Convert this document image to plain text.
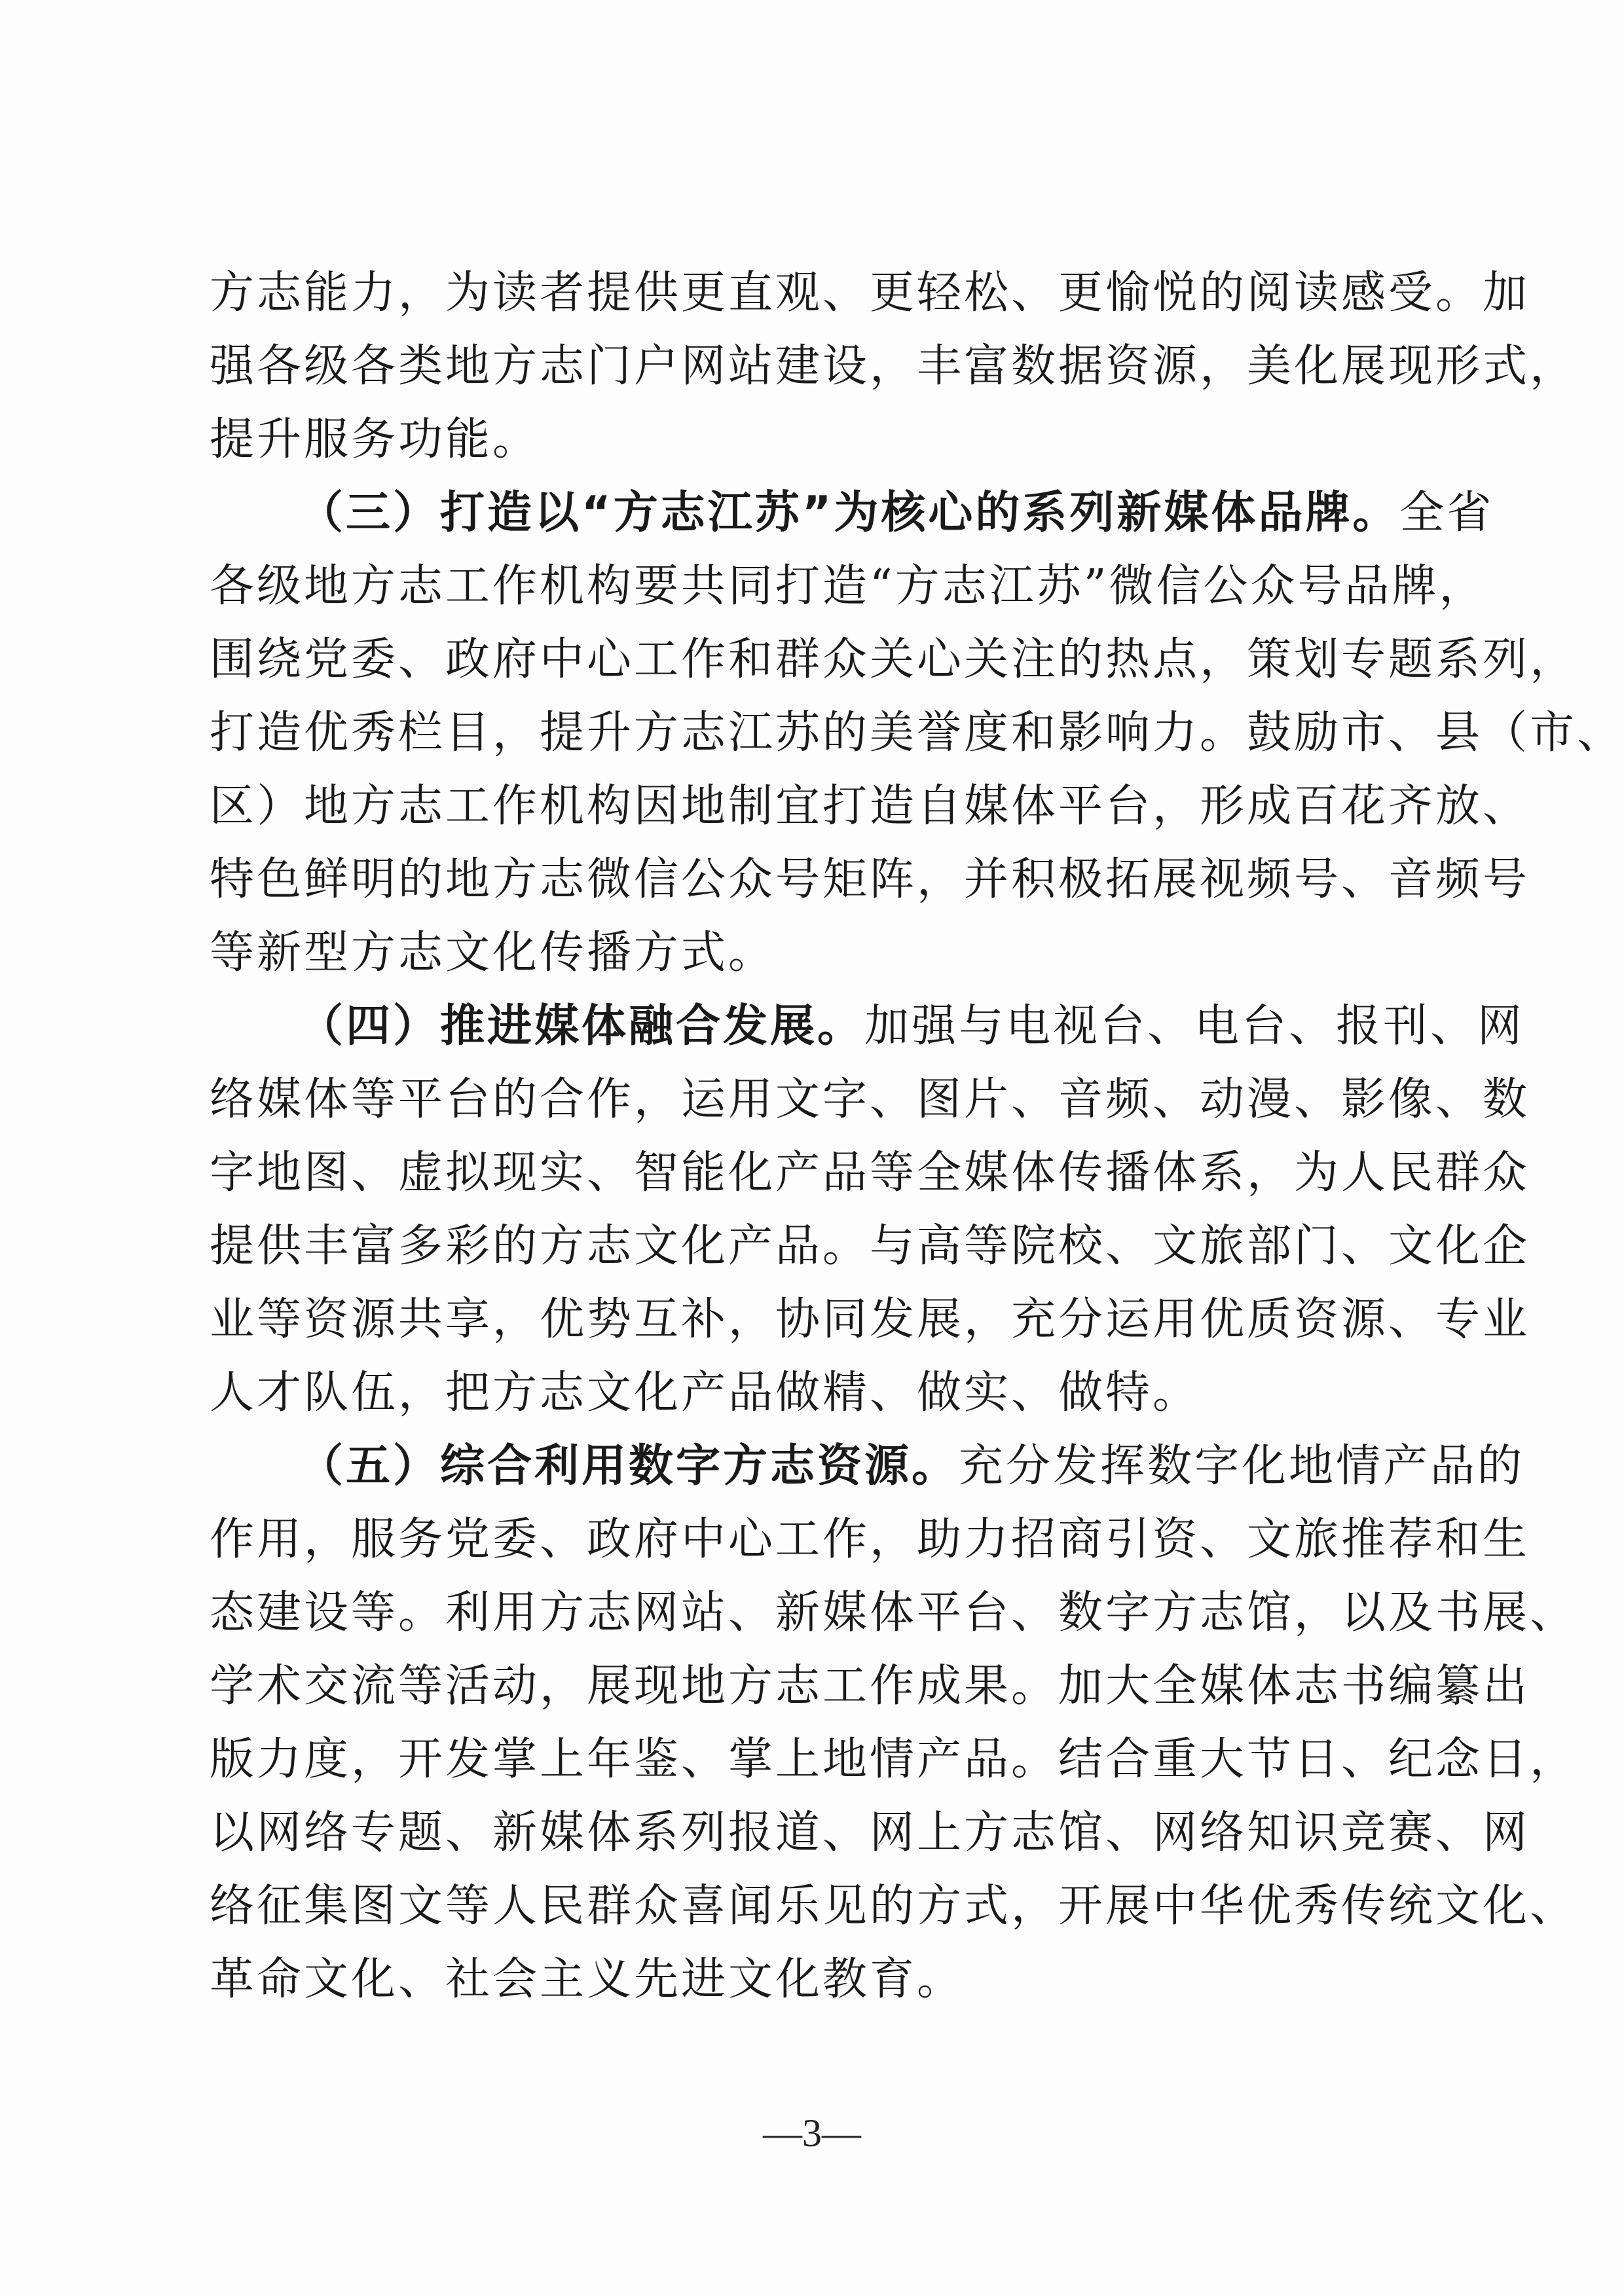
方志能力，为读者提供更直观、更轻松、更愉悦的阅读感受。加
强各级各类地方志门户网站建设，丰富数据资源，美化展现形式，
提升服务功能。
（三）打造以“方志江苏”为核心的系列新媒体品牌。全省
各级地方志工作机构要共同打造“方志江苏”微信公众号品牌，
围绕党委、政府中心工作和群众关心关注的热点，策划专题系列，
打造优秀栏目，提升方志江苏的美誉度和影响力。鼓励市、县（市、
区）地方志工作机构因地制宜打造自媒体平台，形成百花齐放、
特色鲜明的地方志微信公众号矩阵，并积极拓展视频号、音频号
等新型方志文化传播方式。
（四）推进媒体融合发展。加强与电视台、电台、报刊、网
络媒体等平台的合作，运用文字、图片、音频、动漫、影像、数
字地图、虚拟现实、智能化产品等全媒体传播体系，为人民群众
提供丰富多彩的方志文化产品。与高等院校、文旅部门、文化企
业等资源共享，优势互补，协同发展，充分运用优质资源、专业
人才队伍，把方志文化产品做精、做实、做特。
（五）综合利用数字方志资源。充分发挥数字化地情产品的
作用，服务党委、政府中心工作，助力招商引资、文旅推荐和生
态建设等。利用方志网站、新媒体平台、数字方志馆，以及书展、
学术交流等活动，展现地方志工作成果。加大全媒体志书编纂出
版力度，开发掌上年鉴、掌上地情产品。结合重大节日、纪念日，
以网络专题、新媒体系列报道、网上方志馆、网络知识竞赛、网
络征集图文等人民群众喜闻乐见的方式，开展中华优秀传统文化、
革命文化、社会主义先进文化教育。
—3—
